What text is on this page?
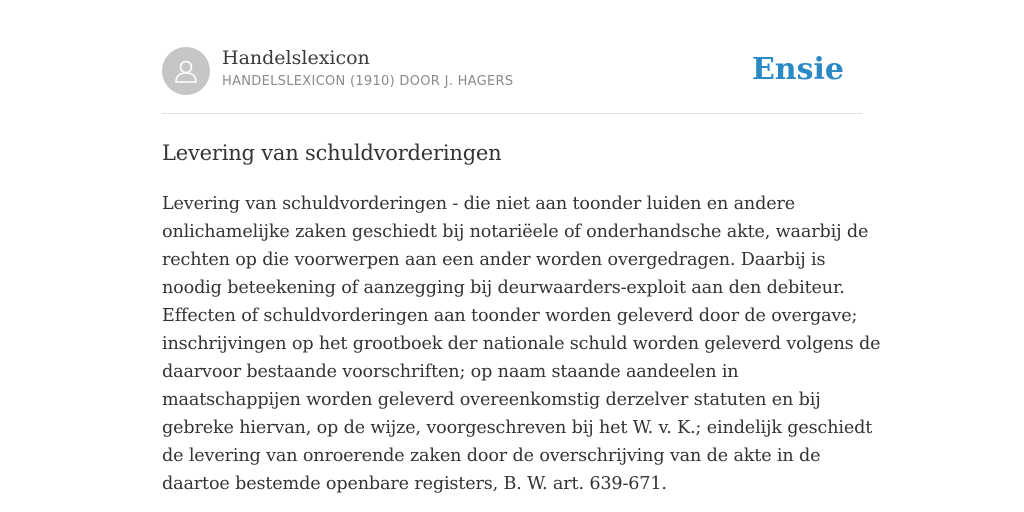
Handelslexicon
HANDELSLEXICON (1910) DOOR J. HAGERS	Ensie
Levering van schuldvorderingen
Levering van schuldvorderingen - die niet aan toonder luiden en andere
onlichamelijke zaken geschiedt bij notariëele of onderhandsche akte, waarbij de
rechten op die voorwerpen aan een ander worden overgedragen. Daarbij is
noodig beteekening of aanzegging bij deurwaarders-exploit aan den debiteur.
Effecten of schuldvorderingen aan toonder worden geleverd door de overgave;
inschrijvingen op het grootboek der nationale schuld worden geleverd volgens de
daarvoor bestaande voorschriften; op naam staande aandeelen in
maatschappijen worden geleverd overeenkomstig derzelver statuten en bij
gebreke hiervan, op de wijze, voorgeschreven bij het W. v. K.; eindelijk geschiedt
de levering van onroerende zaken door de overschrijving van de akte in de
daartoe bestemde openbare registers, B. W. art. 639-671.
